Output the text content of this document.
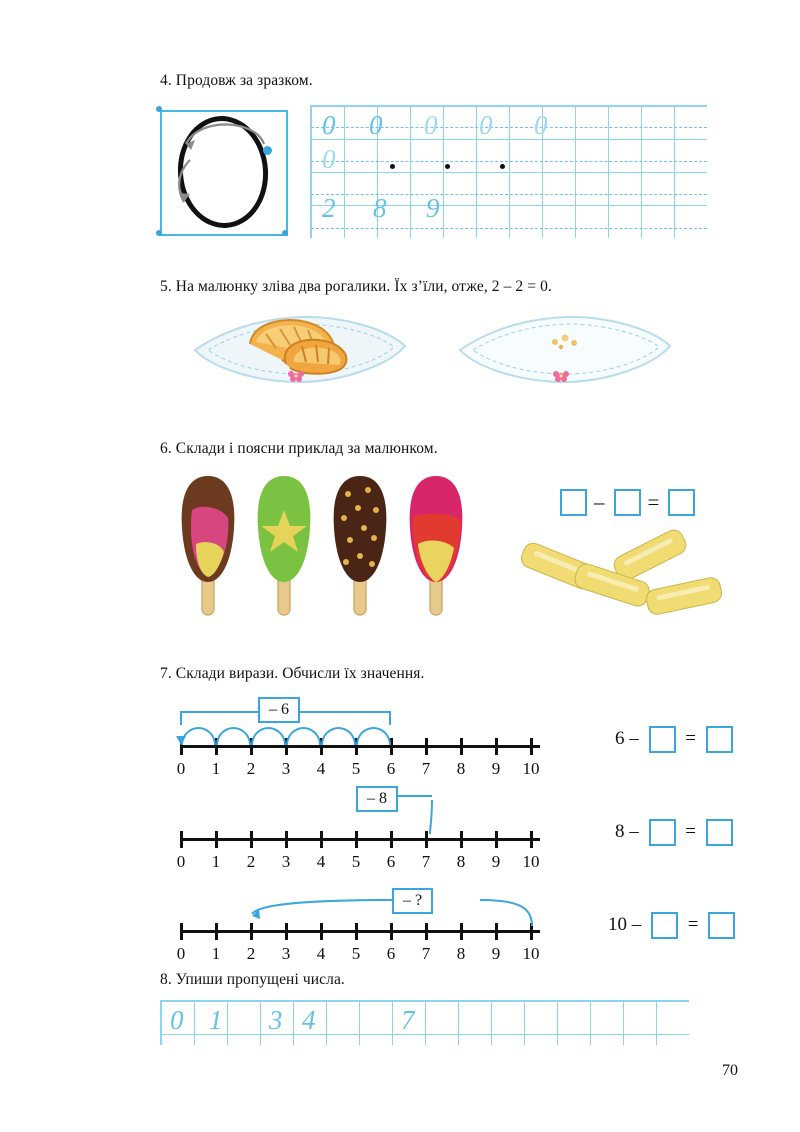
4. Продовж за зразком.
0 0 0 0 0
0
2 8 9
5. На малюнку зліва два рогалики. Їх з’їли, отже, 2 – 2 = 0.
6. Склади і поясни приклад за малюнком.
– =
7. Склади вирази. Обчисли їх значення.
0	1	2	3	4	5	6	7	8	9	10
– 6
6 – =
0	1	2	3	4	5	6	7	8	9	10
– 8
8 – =
0	1	2	3	4	5	6	7	8	9	10
– ?
10 – =
8. Упиши пропущені числа.
0 1 3 4	7
70
